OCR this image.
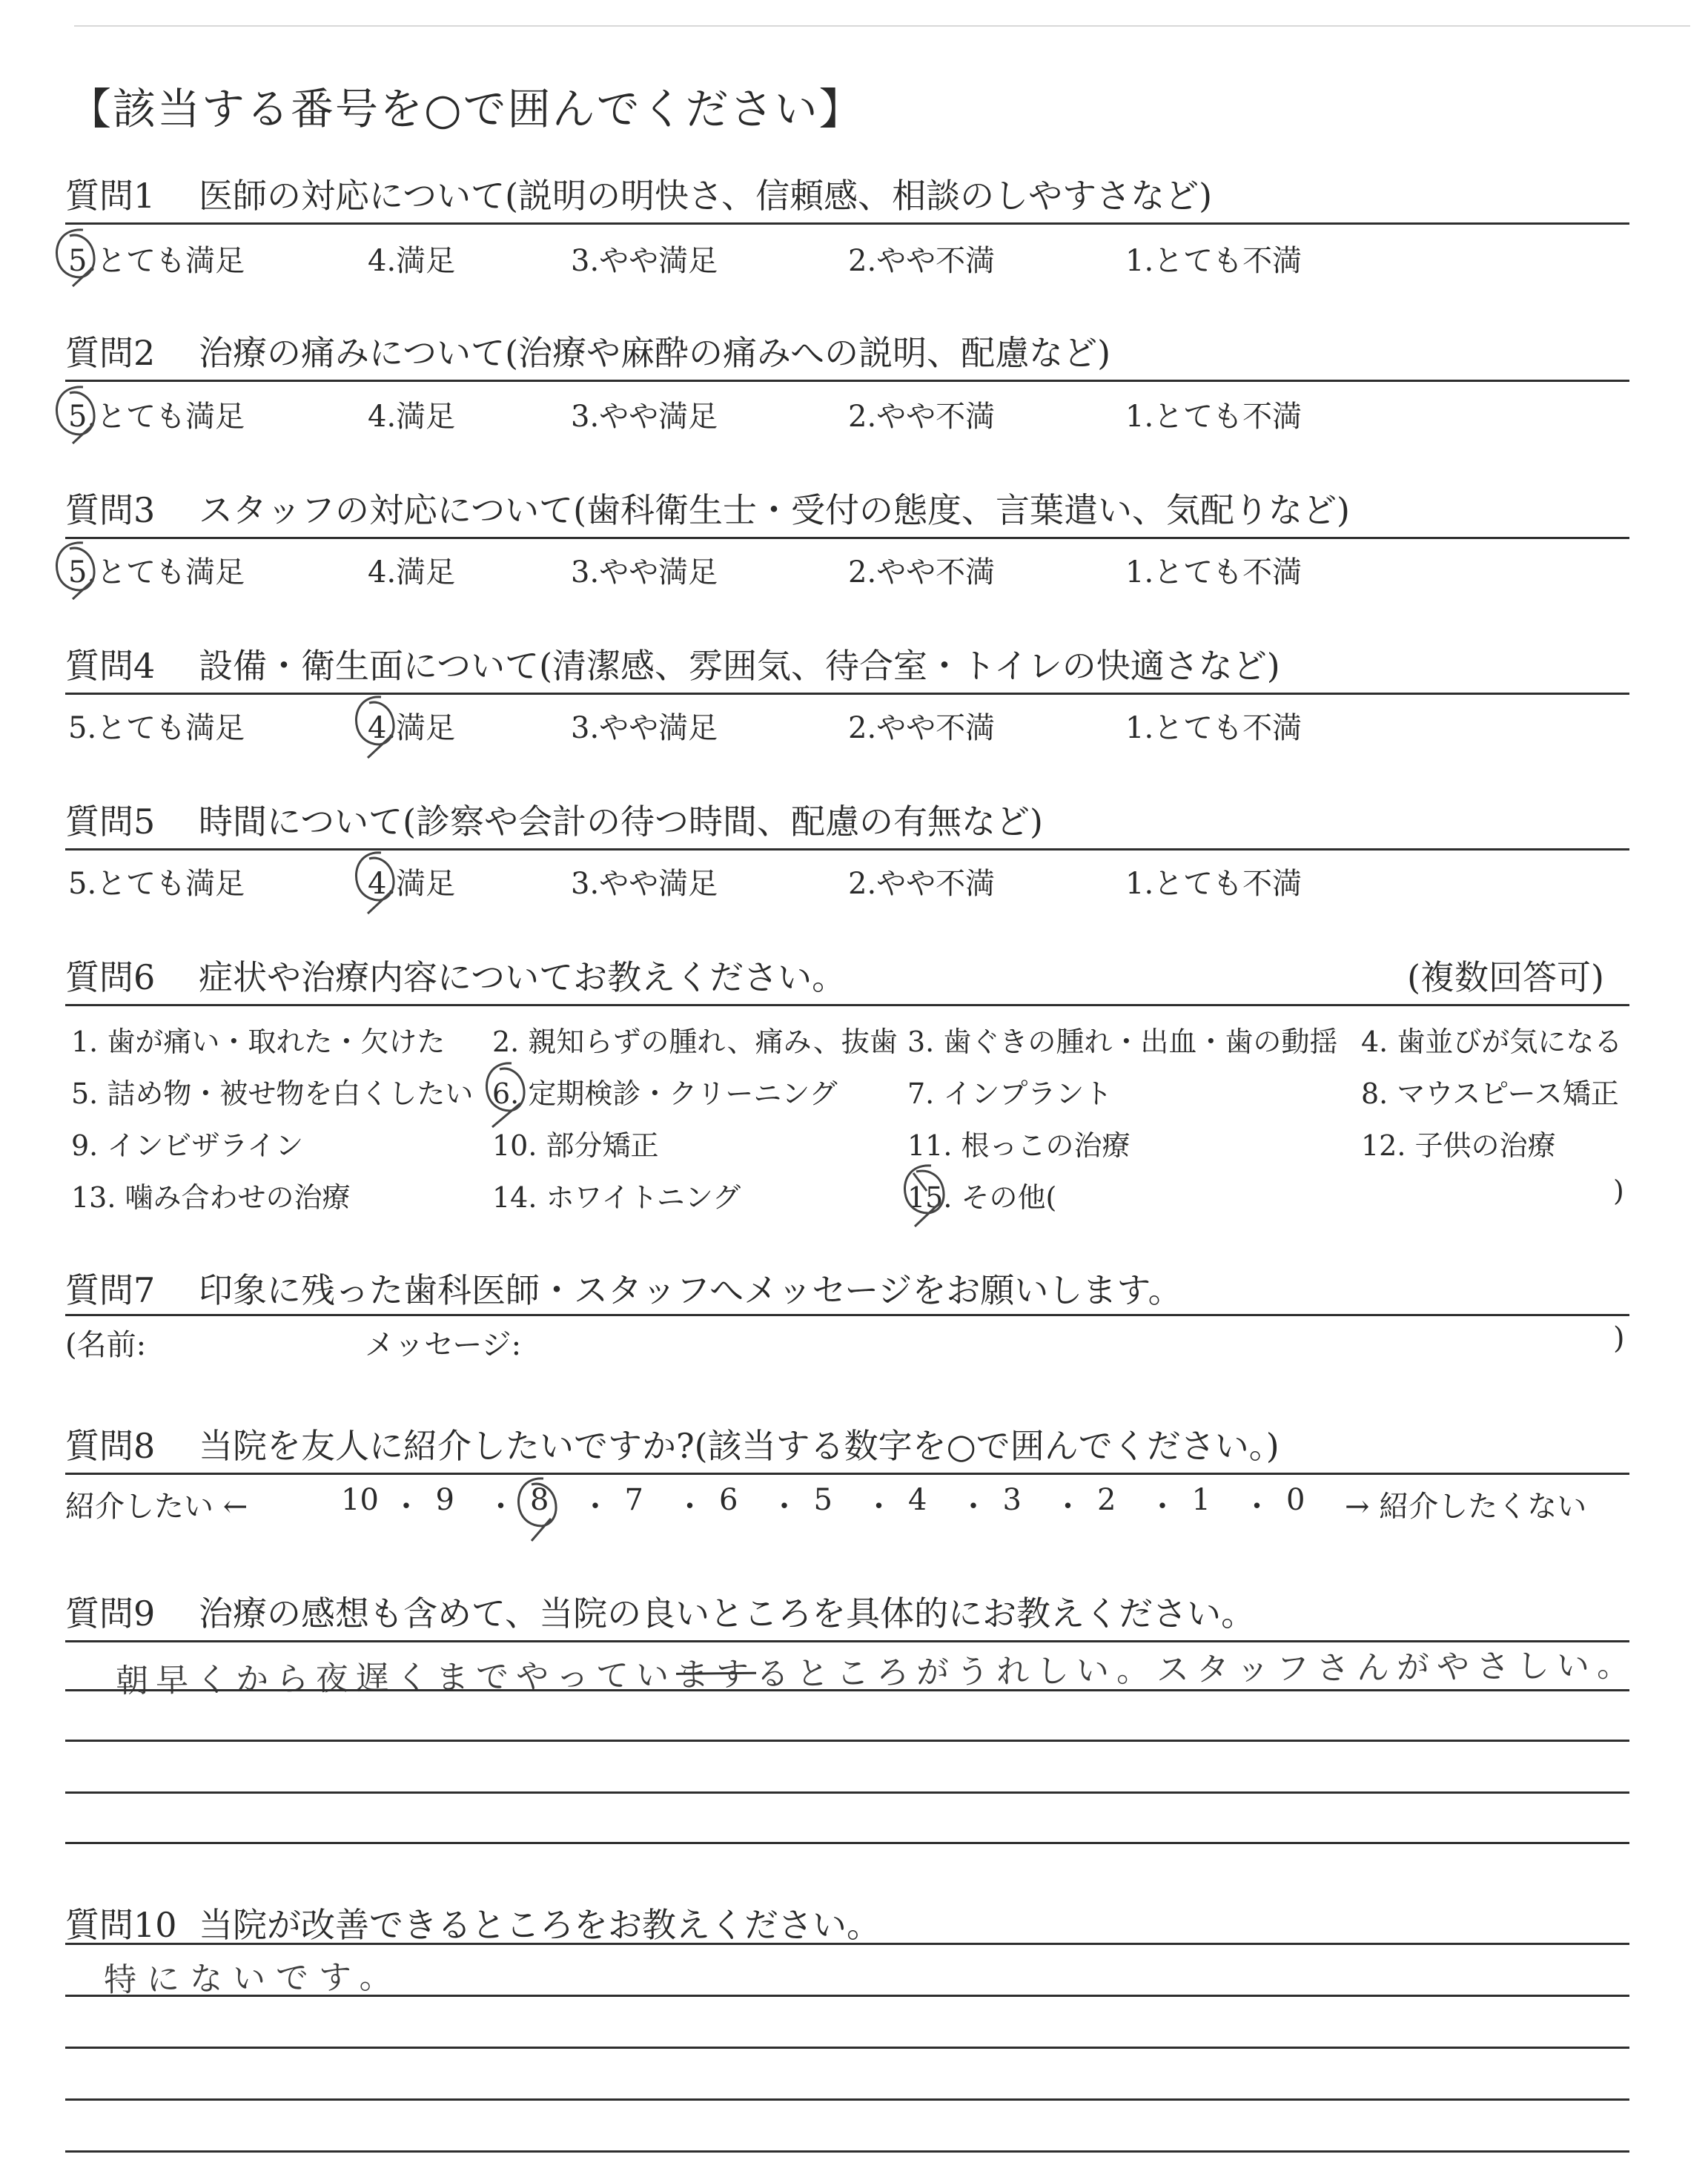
【該当する番号を○で囲んでください】
質問1 医師の対応について(説明の明快さ、信頼感、相談のしやすさなど)
5.とても満足	4.満足	3.やや満足	2.やや不満	1.とても不満
質問2 治療の痛みについて(治療や麻酔の痛みへの説明、配慮など)
5.とても満足	4.満足	3.やや満足	2.やや不満	1.とても不満
質問3 スタッフの対応について(歯科衛生士・受付の態度、言葉遣い、気配りなど)
5.とても満足	4.満足	3.やや満足	2.やや不満	1.とても不満
質問4 設備・衛生面について(清潔感、雰囲気、待合室・トイレの快適さなど)
5.とても満足	4.満足	3.やや満足	2.やや不満	1.とても不満
質問5 時間について(診察や会計の待つ時間、配慮の有無など)
5.とても満足	4.満足	3.やや満足	2.やや不満	1.とても不満
質問6 症状や治療内容についてお教えください。	(複数回答可)
1. 歯が痛い・取れた・欠けた 2. 親知らずの腫れ、痛み、抜歯 3. 歯ぐきの腫れ・出血・歯の動揺 4. 歯並びが気になる
5. 詰め物・被せ物を白くしたい 6. 定期検診・クリーニング 7. インプラント	8. マウスピース矯正
9. インビザライン	10. 部分矯正	11. 根っこの治療	12. 子供の治療
13. 噛み合わせの治療	14. ホワイトニング	15. その他(	)
質問7 印象に残った歯科医師・スタッフへメッセージをお願いします。
(名前:	メッセージ:	)
質問8 当院を友人に紹介したいですか?(該当する数字を○で囲んでください。)
紹介したい ←	→ 紹介したくない
10 ・ 9 ・ 8 ・ 7 ・ 6 ・ 5 ・ 4 ・ 3 ・ 2 ・ 1 ・ 0
質問9 治療の感想も含めて、当院の良いところを具体的にお教えください。
朝早くから夜遅くまでやっています
るところがうれしい。スタッフさんがやさしい。
質問10 当院が改善できるところをお教えください。
特にないです。
